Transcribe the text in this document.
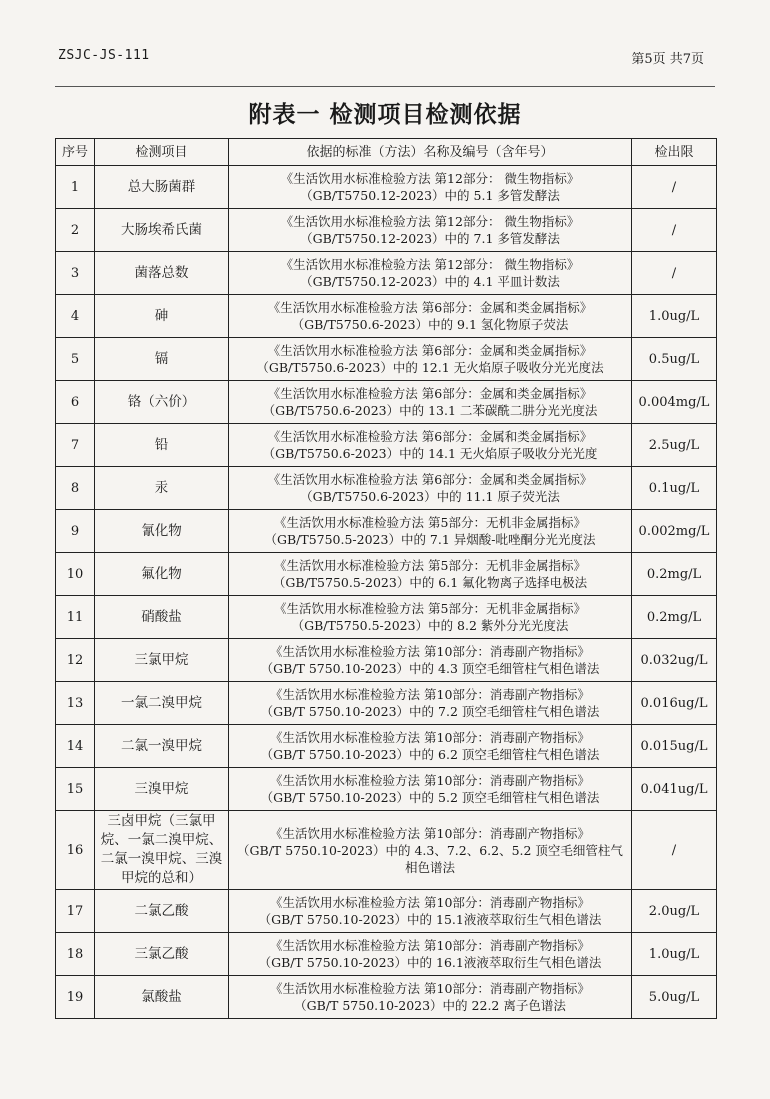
ZSJC-JS-111	第5页 共7页
附表一 检测项目检测依据
序号	检测项目	依据的标准（方法）名称及编号（含年号）	检出限
1	总大肠菌群	《生活饮用水标准检验方法 第12部分： 微生物指标》
（GB/T5750.12-2023）中的 5.1 多管发酵法	/
2	大肠埃希氏菌	《生活饮用水标准检验方法 第12部分： 微生物指标》
（GB/T5750.12-2023）中的 7.1 多管发酵法	/
3	菌落总数	《生活饮用水标准检验方法 第12部分： 微生物指标》
（GB/T5750.12-2023）中的 4.1 平皿计数法	/
4	砷	《生活饮用水标准检验方法 第6部分：金属和类金属指标》
（GB/T5750.6-2023）中的 9.1 氢化物原子荧法	1.0ug/L
5	镉	《生活饮用水标准检验方法 第6部分：金属和类金属指标》
（GB/T5750.6-2023）中的 12.1 无火焰原子吸收分光光度法	0.5ug/L
6	铬（六价）	《生活饮用水标准检验方法 第6部分：金属和类金属指标》
（GB/T5750.6-2023）中的 13.1 二苯碳酰二肼分光光度法	0.004mg/L
7	铅	《生活饮用水标准检验方法 第6部分：金属和类金属指标》
（GB/T5750.6-2023）中的 14.1 无火焰原子吸收分光光度	2.5ug/L
8	汞	《生活饮用水标准检验方法 第6部分：金属和类金属指标》
（GB/T5750.6-2023）中的 11.1 原子荧光法	0.1ug/L
9	氰化物	《生活饮用水标准检验方法 第5部分：无机非金属指标》
（GB/T5750.5-2023）中的 7.1 异烟酸-吡唑酮分光光度法	0.002mg/L
10	氟化物	《生活饮用水标准检验方法 第5部分：无机非金属指标》
（GB/T5750.5-2023）中的 6.1 氟化物离子选择电极法	0.2mg/L
11	硝酸盐	《生活饮用水标准检验方法 第5部分：无机非金属指标》
（GB/T5750.5-2023）中的 8.2 紫外分光光度法	0.2mg/L
12	三氯甲烷	《生活饮用水标准检验方法 第10部分：消毒副产物指标》
（GB/T 5750.10-2023）中的 4.3 顶空毛细管柱气相色谱法	0.032ug/L
13	一氯二溴甲烷	《生活饮用水标准检验方法 第10部分：消毒副产物指标》
（GB/T 5750.10-2023）中的 7.2 顶空毛细管柱气相色谱法	0.016ug/L
14	二氯一溴甲烷	《生活饮用水标准检验方法 第10部分：消毒副产物指标》
（GB/T 5750.10-2023）中的 6.2 顶空毛细管柱气相色谱法	0.015ug/L
15	三溴甲烷	《生活饮用水标准检验方法 第10部分：消毒副产物指标》
（GB/T 5750.10-2023）中的 5.2 顶空毛细管柱气相色谱法	0.041ug/L
16	三卤甲烷（三氯甲烷、一氯二溴甲烷、二氯一溴甲烷、三溴甲烷的总和）	《生活饮用水标准检验方法 第10部分：消毒副产物指标》
（GB/T 5750.10-2023）中的 4.3、7.2、6.2、5.2 顶空毛细管柱气相色谱法	/
17	二氯乙酸	《生活饮用水标准检验方法 第10部分：消毒副产物指标》
（GB/T 5750.10-2023）中的 15.1液液萃取衍生气相色谱法	2.0ug/L
18	三氯乙酸	《生活饮用水标准检验方法 第10部分：消毒副产物指标》
（GB/T 5750.10-2023）中的 16.1液液萃取衍生气相色谱法	1.0ug/L
19	氯酸盐	《生活饮用水标准检验方法 第10部分：消毒副产物指标》
（GB/T 5750.10-2023）中的 22.2 离子色谱法	5.0ug/L
